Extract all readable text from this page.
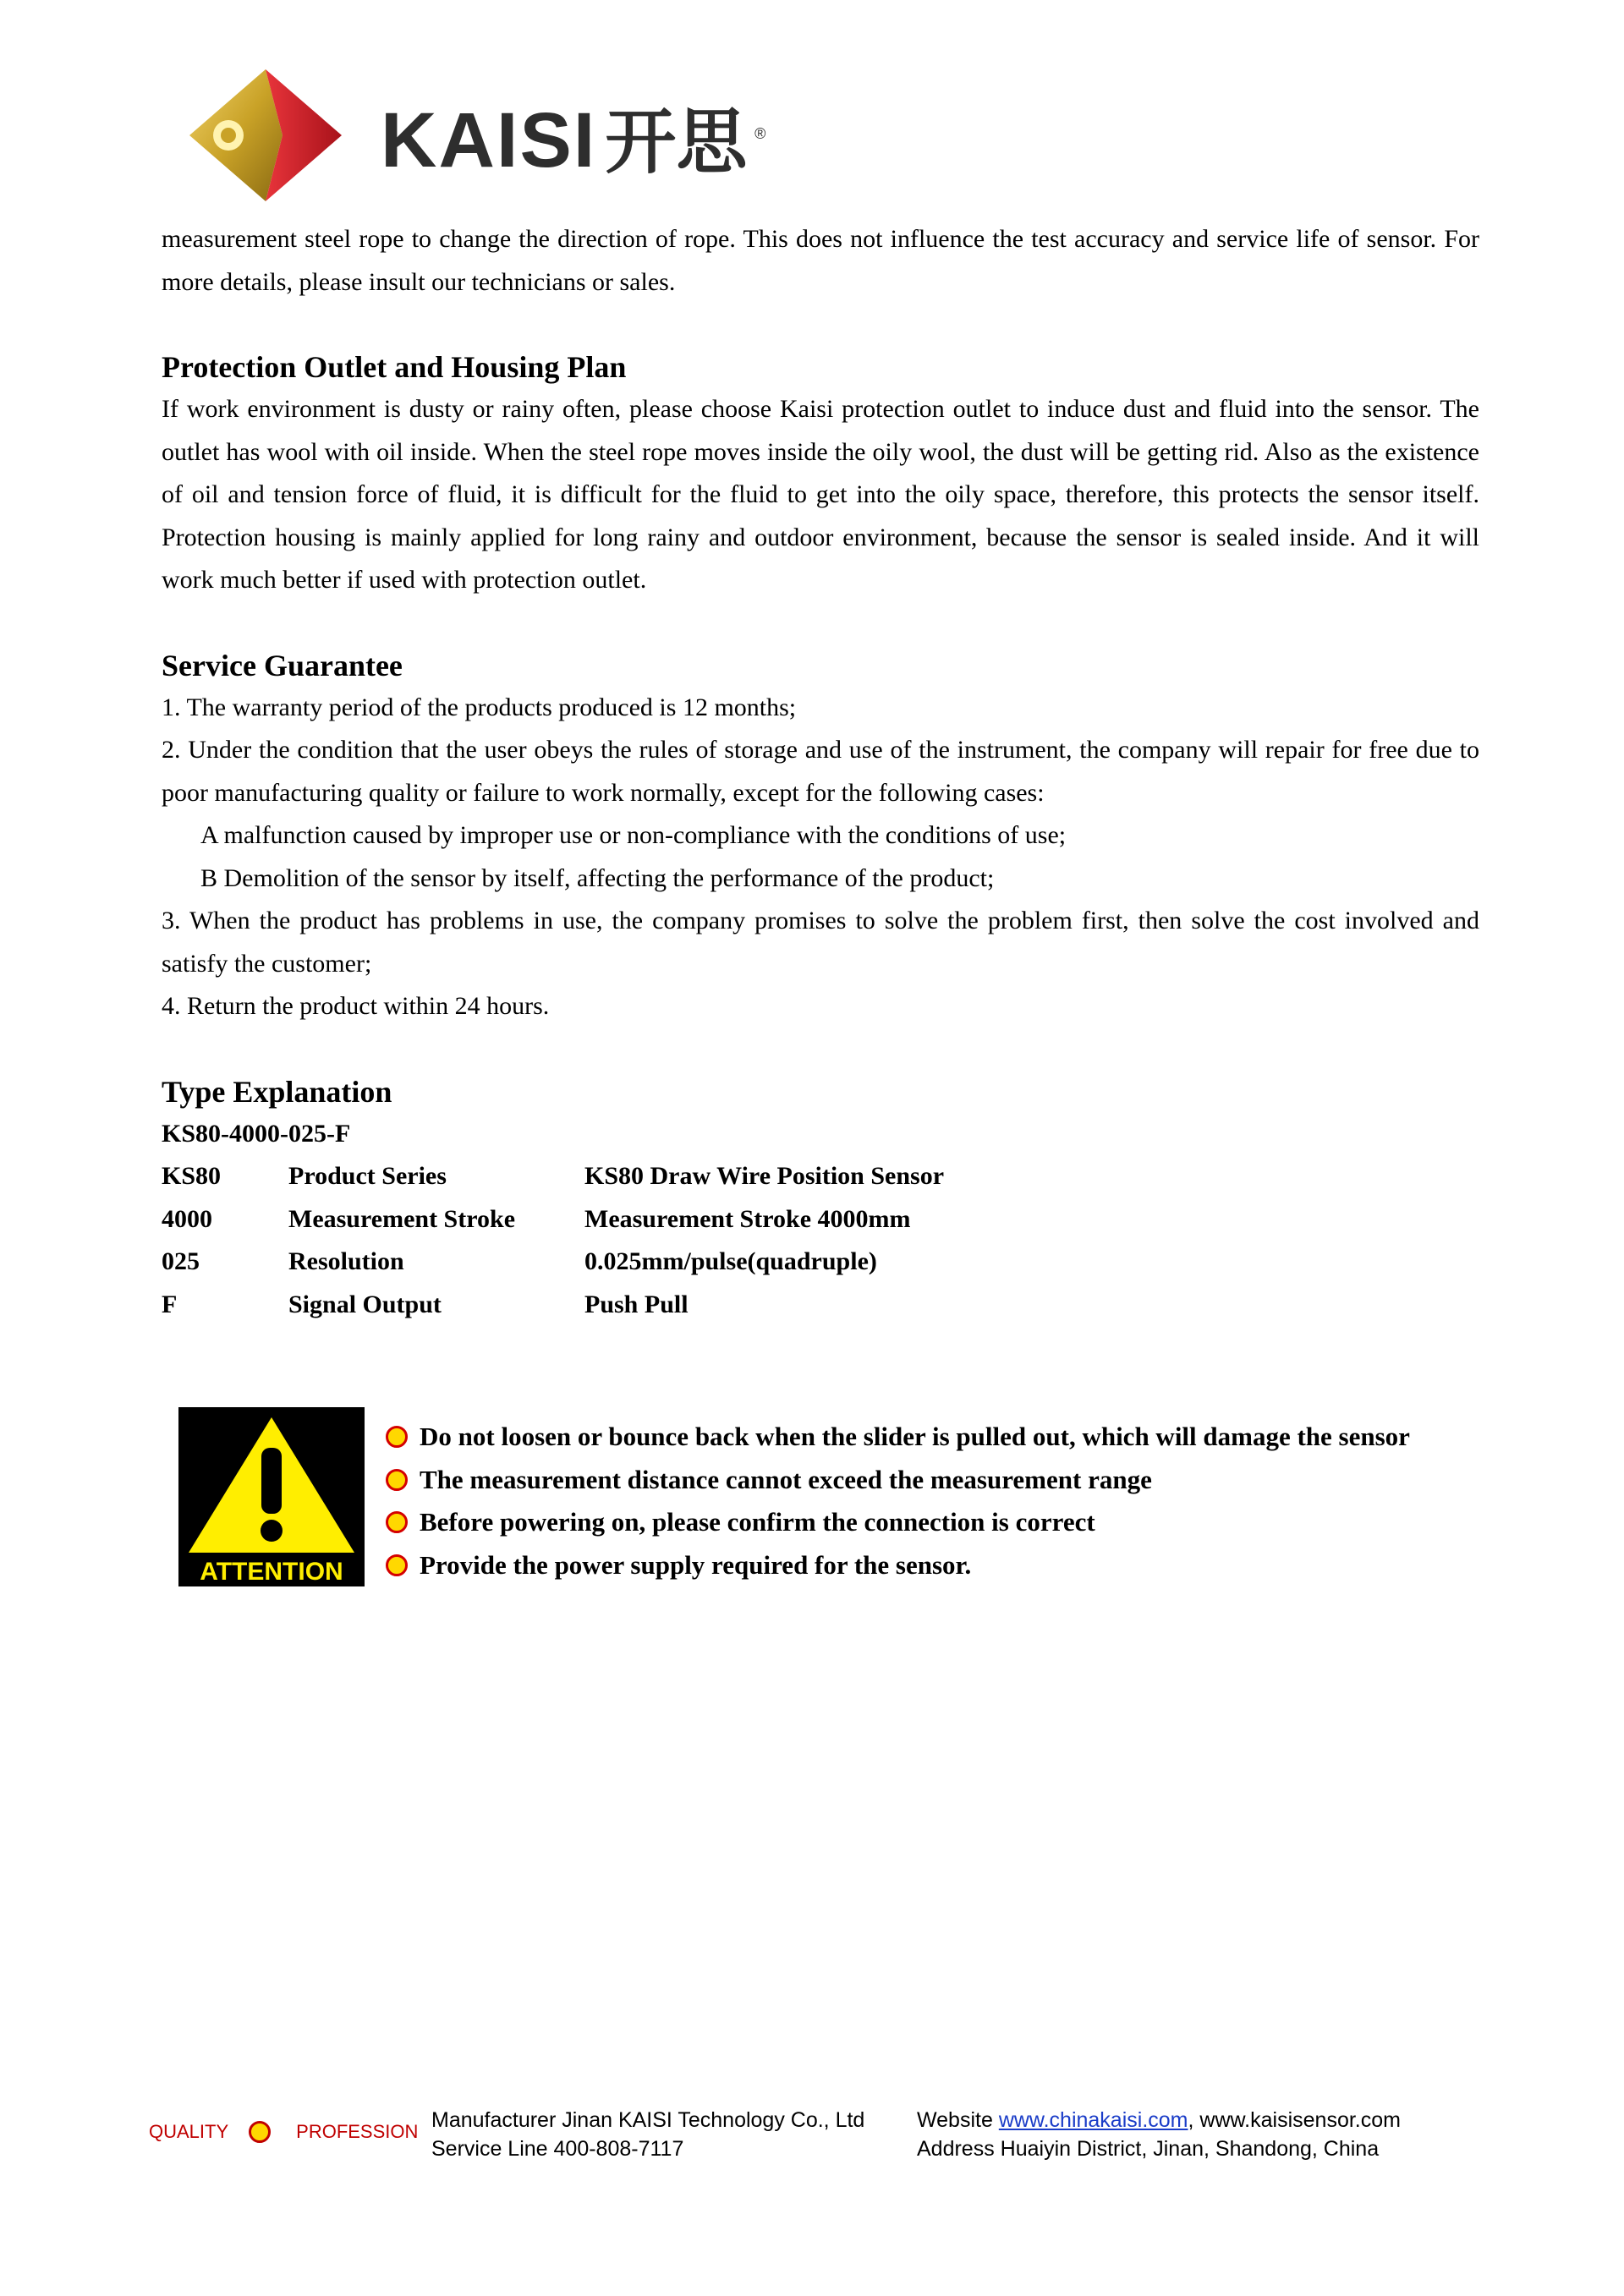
KAISI 开思 ®

measurement steel rope to change the direction of rope. This does not influence the test accuracy and service life of sensor. For more details, please insult our technicians or sales.

Protection Outlet and Housing Plan

If work environment is dusty or rainy often, please choose Kaisi protection outlet to induce dust and fluid into the sensor. The outlet has wool with oil inside. When the steel rope moves inside the oily wool, the dust will be getting rid. Also as the existence of oil and tension force of fluid, it is difficult for the fluid to get into the oily space, therefore, this protects the sensor itself. Protection housing is mainly applied for long rainy and outdoor environment, because the sensor is sealed inside. And it will work much better if used with protection outlet.

Service Guarantee

1. The warranty period of the products produced is 12 months;

2. Under the condition that the user obeys the rules of storage and use of the instrument, the company will repair for free due to poor manufacturing quality or failure to work normally, except for the following cases:

A malfunction caused by improper use or non-compliance with the conditions of use;

B Demolition of the sensor by itself, affecting the performance of the product;

3. When the product has problems in use, the company promises to solve the problem first, then solve the cost involved and satisfy the customer;

4. Return the product within 24 hours.

Type Explanation
KS80-4000-025-F
KS80	Product Series	KS80 Draw Wire Position Sensor
4000	Measurement Stroke	Measurement Stroke 4000mm
025	Resolution	0.025mm/pulse(quadruple)
F	Signal Output	Push Pull
ATTENTION
Do not loosen or bounce back when the slider is pulled out, which will damage the sensor
The measurement distance cannot exceed the measurement range
Before powering on, please confirm the connection is correct
Provide the power supply required for the sensor.
QUALITY	PROFESSION Manufacturer Jinan KAISI Technology Co., Ltd
Service Line 400-808-7117
Website www.chinakaisi.com, www.kaisisensor.com
Address Huaiyin District, Jinan, Shandong, China
